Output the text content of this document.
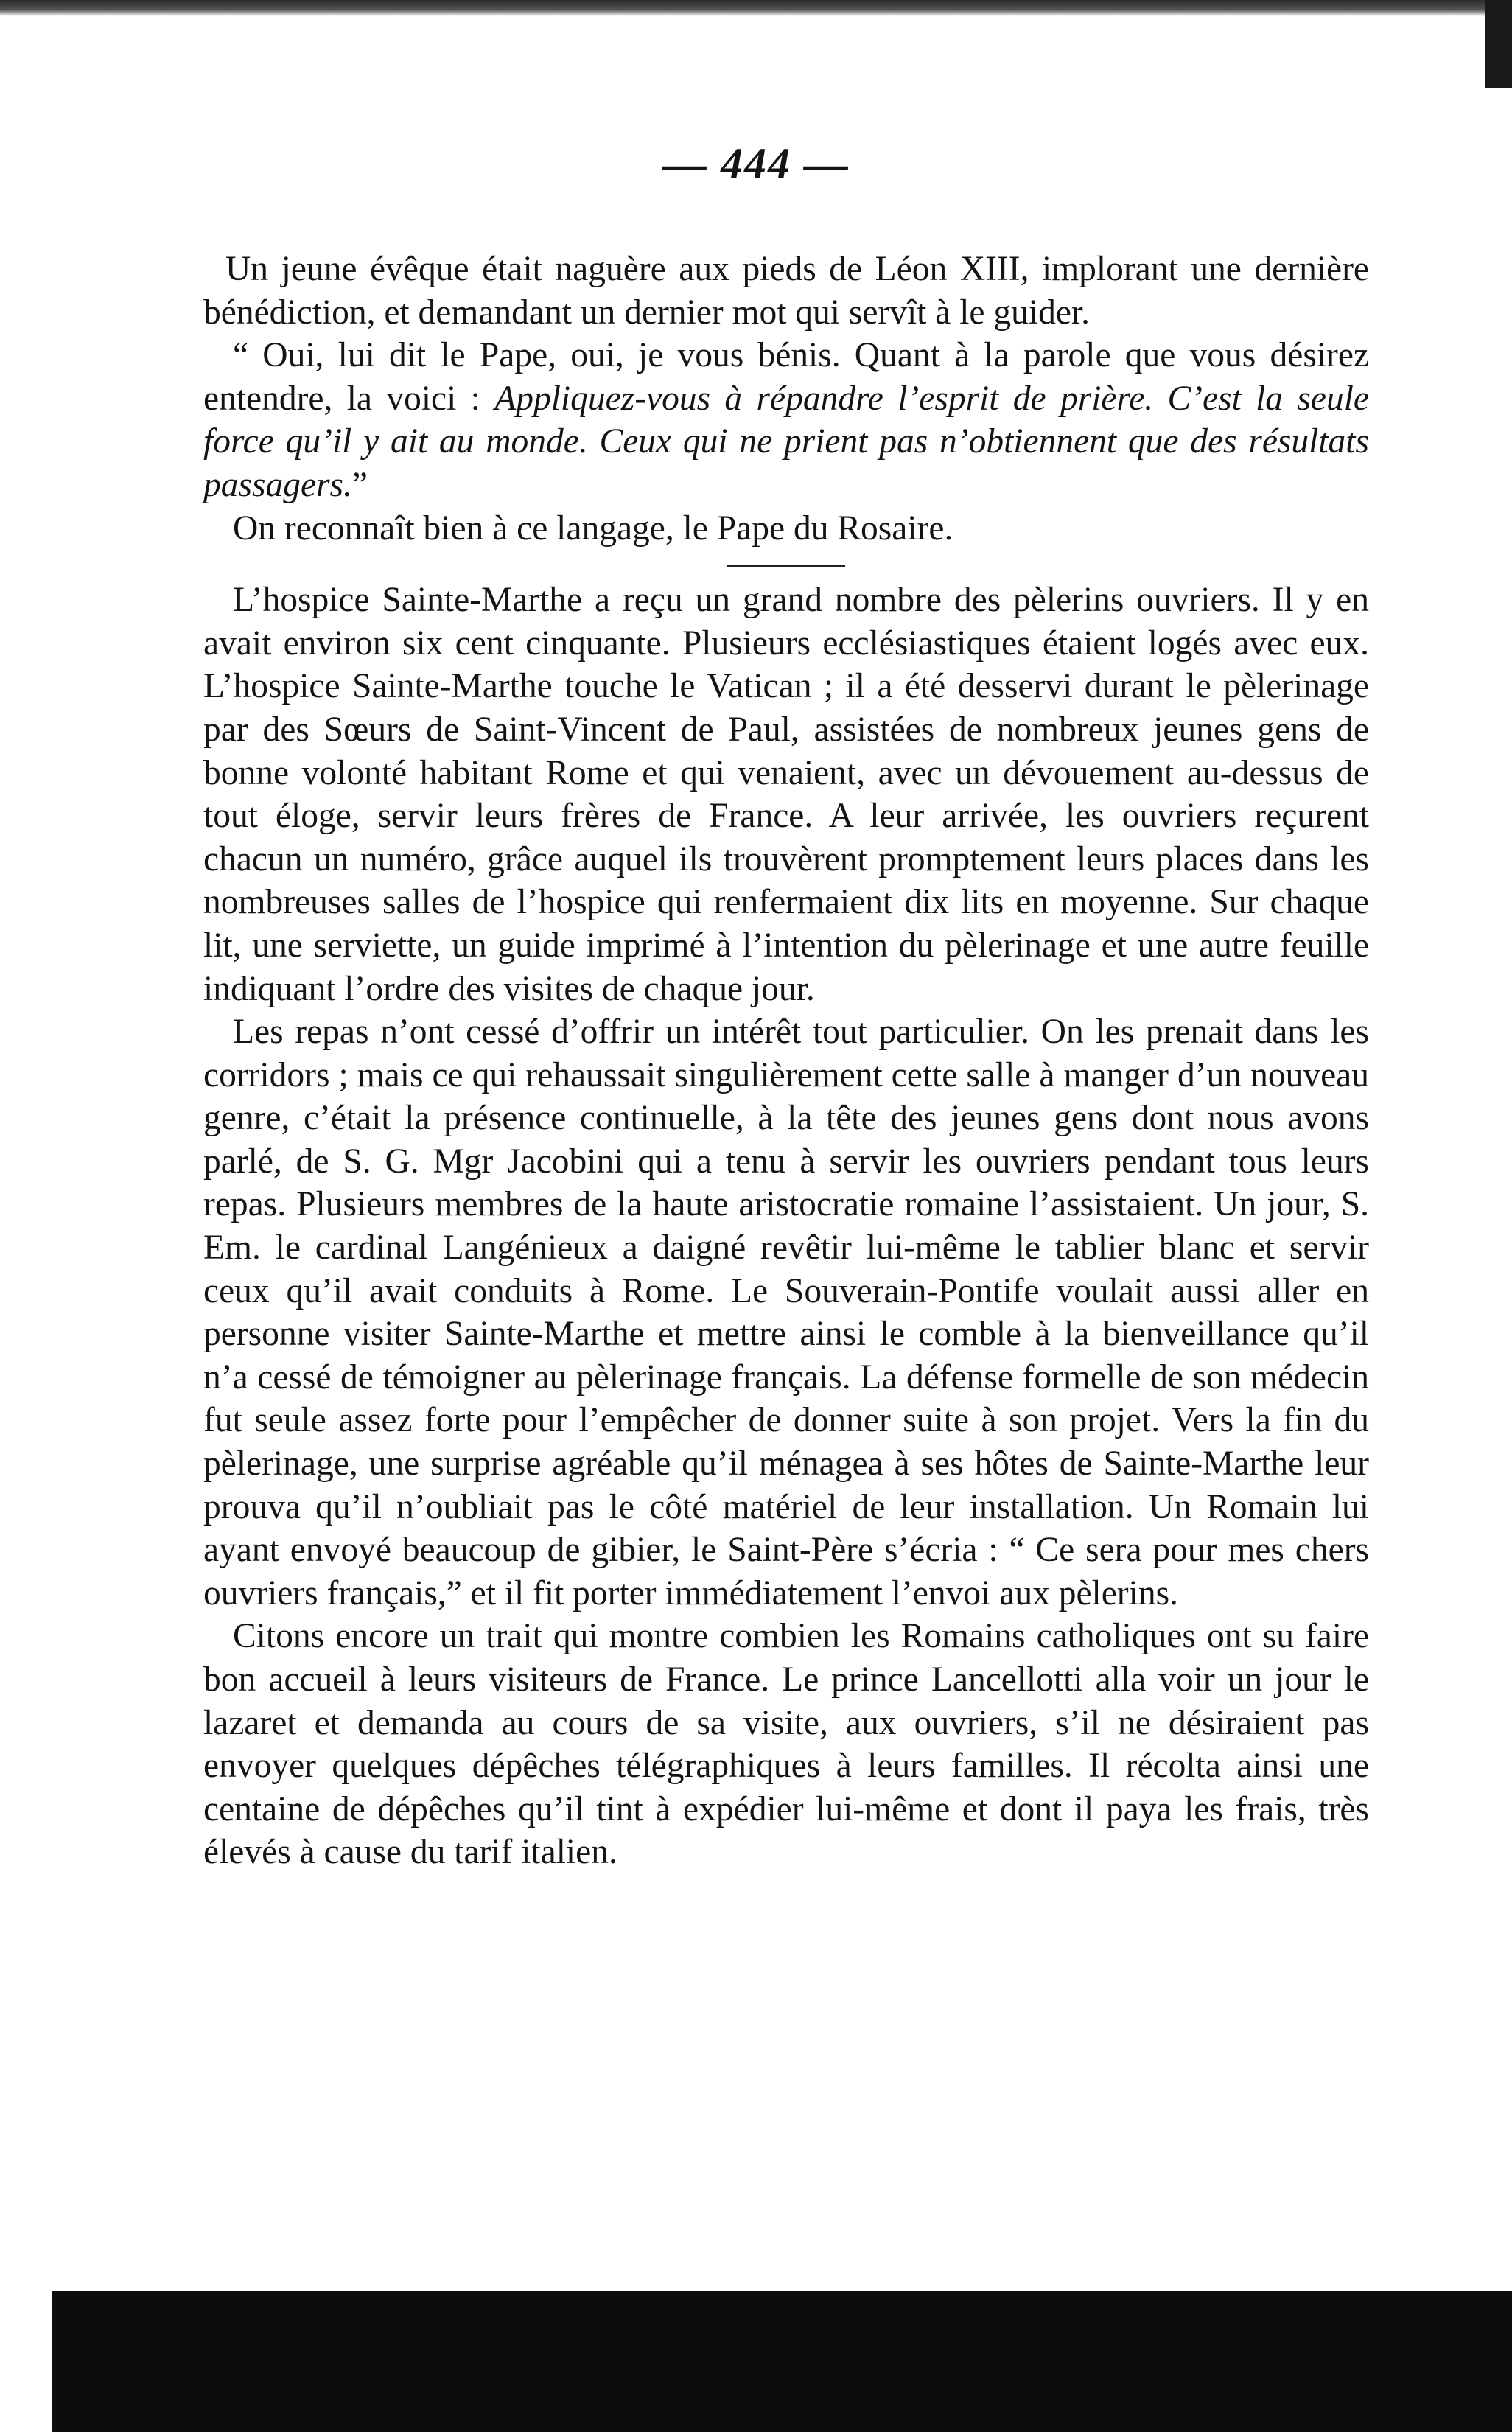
— 444 —

Un jeune évêque était naguère aux pieds de Léon XIII, implorant une dernière bénédiction, et demandant un dernier mot qui servît à le guider.

“ Oui, lui dit le Pape, oui, je vous bénis. Quant à la parole que vous désirez entendre, la voici : Appliquez-vous à répandre l’esprit de prière. C’est la seule force qu’il y ait au monde. Ceux qui ne prient pas n’obtiennent que des résultats passagers.”

On reconnaît bien à ce langage, le Pape du Rosaire.

L’hospice Sainte-Marthe a reçu un grand nombre des pèlerins ouvriers. Il y en avait environ six cent cinquante. Plusieurs ecclésiastiques étaient logés avec eux. L’hospice Sainte-Marthe touche le Vatican ; il a été desservi durant le pèlerinage par des Sœurs de Saint-Vincent de Paul, assistées de nombreux jeunes gens de bonne volonté habitant Rome et qui venaient, avec un dévouement au-dessus de tout éloge, servir leurs frères de France. A leur arrivée, les ouvriers reçurent chacun un numéro, grâce auquel ils trouvèrent promptement leurs places dans les nombreuses salles de l’hospice qui renfermaient dix lits en moyenne. Sur chaque lit, une serviette, un guide imprimé à l’intention du pèlerinage et une autre feuille indiquant l’ordre des visites de chaque jour.

Les repas n’ont cessé d’offrir un intérêt tout particulier. On les prenait dans les corridors ; mais ce qui rehaussait singulièrement cette salle à manger d’un nouveau genre, c’était la présence continuelle, à la tête des jeunes gens dont nous avons parlé, de S. G. Mgr Jacobini qui a tenu à servir les ouvriers pendant tous leurs repas. Plusieurs membres de la haute aristocratie romaine l’assistaient. Un jour, S. Em. le cardinal Langénieux a daigné revêtir lui-même le tablier blanc et servir ceux qu’il avait conduits à Rome. Le Souverain-Pontife voulait aussi aller en personne visiter Sainte-Marthe et mettre ainsi le comble à la bienveillance qu’il n’a cessé de témoigner au pèlerinage français. La défense formelle de son médecin fut seule assez forte pour l’empêcher de donner suite à son projet. Vers la fin du pèlerinage, une surprise agréable qu’il ménagea à ses hôtes de Sainte-Marthe leur prouva qu’il n’oubliait pas le côté matériel de leur installation. Un Romain lui ayant envoyé beaucoup de gibier, le Saint-Père s’écria : “ Ce sera pour mes chers ouvriers français,” et il fit porter immédiatement l’envoi aux pèlerins.

Citons encore un trait qui montre combien les Romains catholiques ont su faire bon accueil à leurs visiteurs de France. Le prince Lancellotti alla voir un jour le lazaret et demanda au cours de sa visite, aux ouvriers, s’il ne désiraient pas envoyer quelques dépêches télégraphiques à leurs familles. Il récolta ainsi une centaine de dépêches qu’il tint à expédier lui-même et dont il paya les frais, très élevés à cause du tarif italien.
